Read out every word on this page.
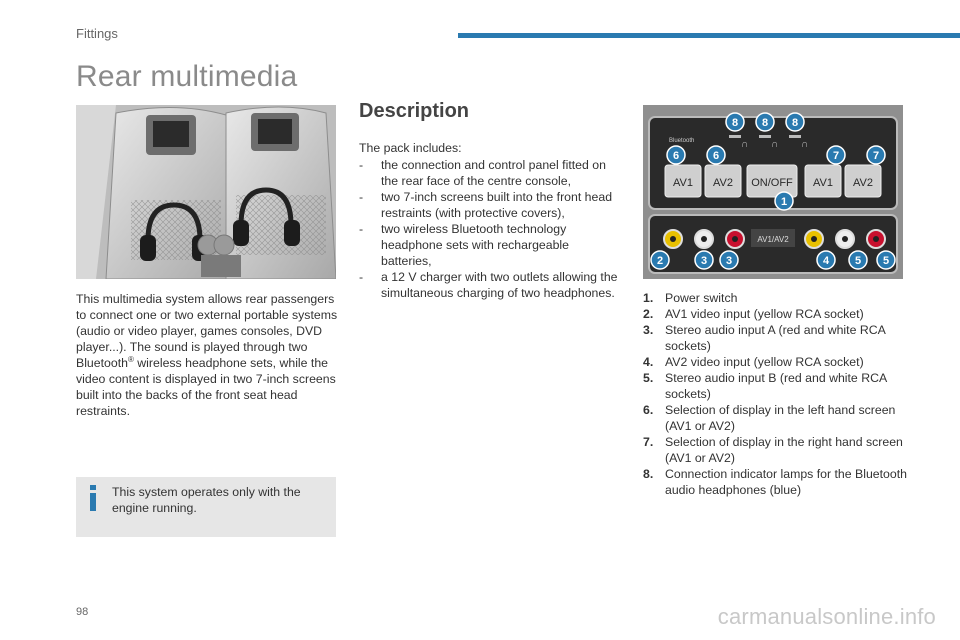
Fittings
Rear multimedia

This multimedia system allows rear passengers to connect one or two external portable systems (audio or video player, games consoles, DVD player...). The sound is played through two Bluetooth® wireless headphone sets, while the video content is displayed in two 7-inch screens built into the backs of the front seat head restraints.

This system operates only with the engine running.
Description
The pack includes:
- the connection and control panel fitted on the rear face of the centre console,
- two 7-inch screens built into the front head restraints (with protective covers),
- two wireless Bluetooth technology headphone sets with rechargeable batteries,
- a 12 V charger with two outlets allowing the simultaneous charging of two headphones.
Bluetooth	∩ ∩ ∩
AV1 AV2 ON/OFF AV1 AV2
AV1/AV2
8 8 8
6	6	7	7
1
2	3 3	4 5 5
1. Power switch
2. AV1 video input (yellow RCA socket)
3. Stereo audio input A (red and white RCA sockets)
4. AV2 video input (yellow RCA socket)
5. Stereo audio input B (red and white RCA sockets)
6. Selection of display in the left hand screen (AV1 or AV2)
7. Selection of display in the right hand screen (AV1 or AV2)
8. Connection indicator lamps for the Bluetooth audio headphones (blue)
98	carmanualsonline.info
